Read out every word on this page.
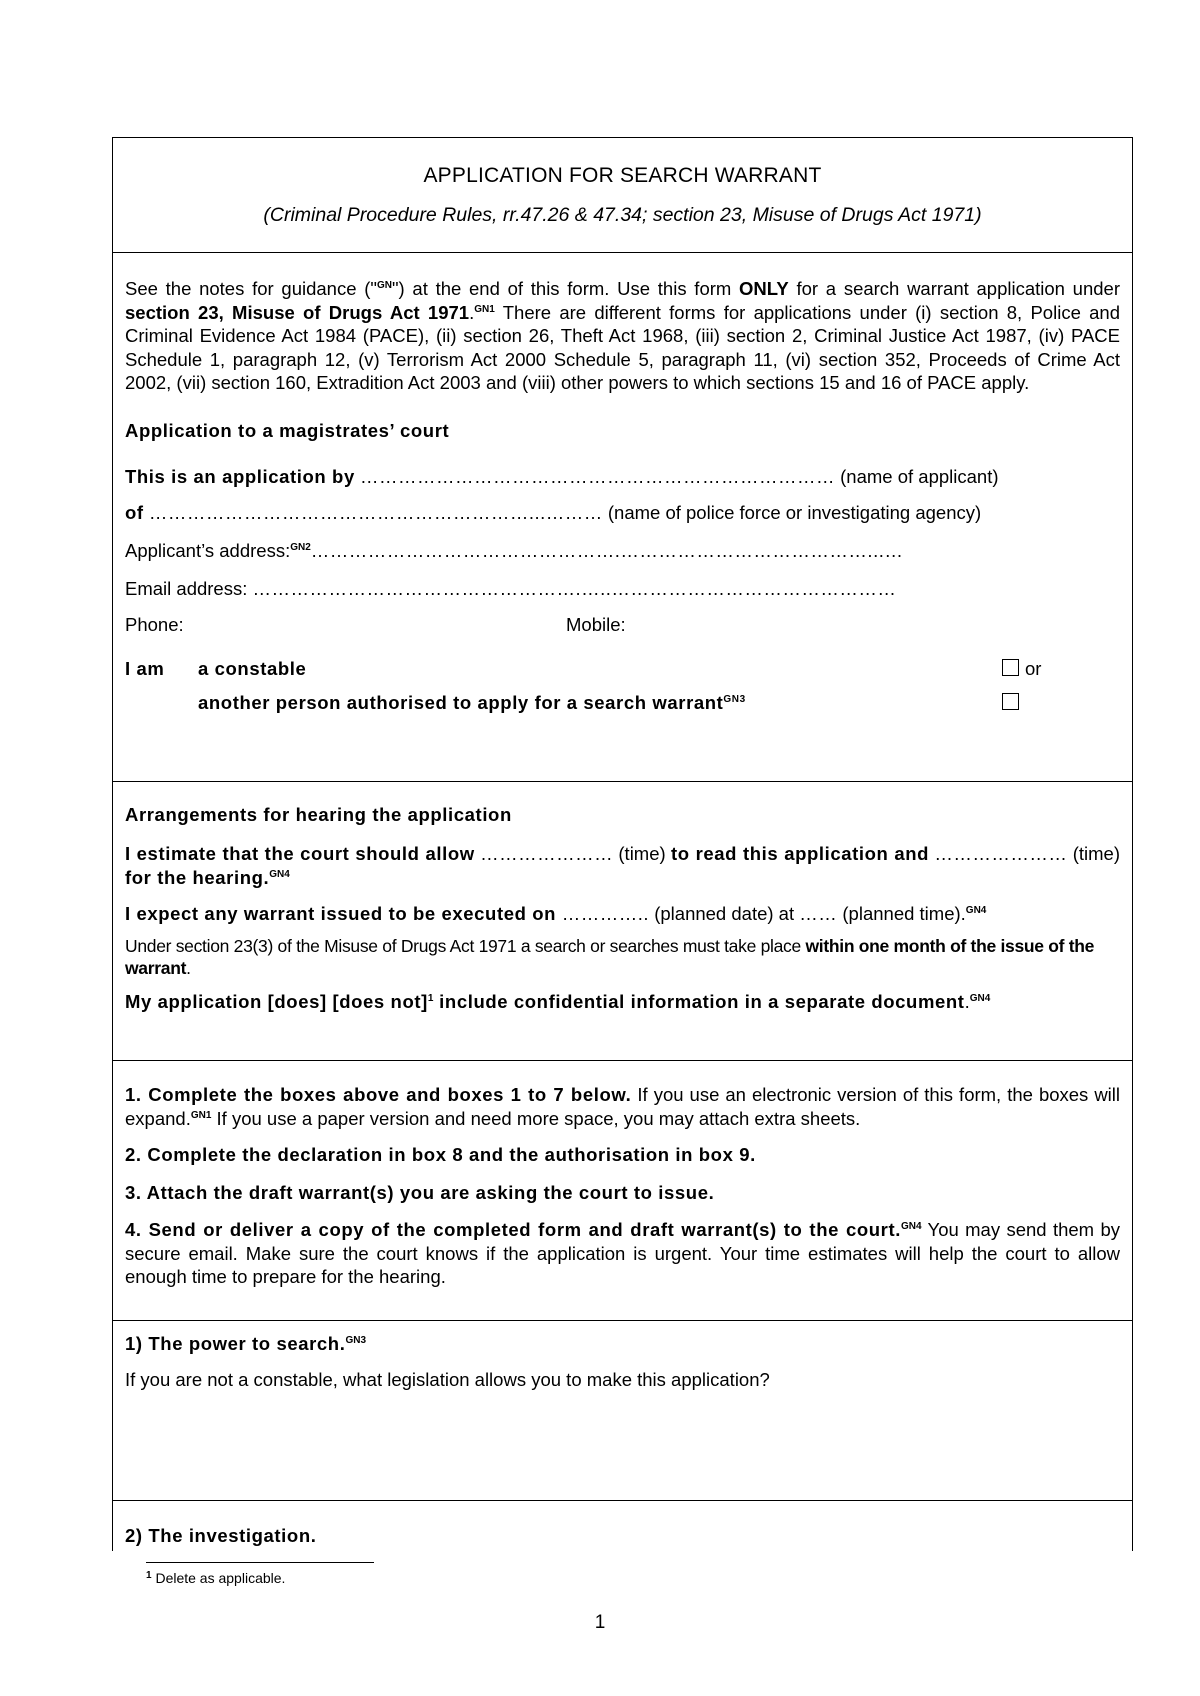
APPLICATION FOR SEARCH WARRANT

(Criminal Procedure Rules, rr.47.26 & 47.34; section 23, Misuse of Drugs Act 1971)

See the notes for guidance ("$^{GN}$") at the end of this form. Use this form ONLY for a search warrant application under section 23, Misuse of Drugs Act 1971.$^{GN1}$ There are different forms for applications under (i) section 8, Police and Criminal Evidence Act 1984 (PACE), (ii) section 26, Theft Act 1968, (iii) section 2, Criminal Justice Act 1987, (iv) PACE Schedule 1, paragraph 12, (v) Terrorism Act 2000 Schedule 5, paragraph 11, (vi) section 352, Proceeds of Crime Act 2002, (vii) section 160, Extradition Act 2003 and (viii) other powers to which sections 15 and 16 of PACE apply.

Application to a magistrates’ court

This is an application by ………………………………………………………………… (name of applicant)

of ……………………………………………………...……… (name of police force or investigating agency)

Applicant’s address:$^{GN2}$………………………………………….…………………………………...…

Email address: …………………………………………….…..………………………………………

Phone:	Mobile:
I am	a constable	or
another person authorised to apply for a search warrant$^{GN3}$

Arrangements for hearing the application

I estimate that the court should allow ………………… (time) to read this application and ………………… (time) for the hearing.$^{GN4}$

I expect any warrant issued to be executed on ………….. (planned date) at …… (planned time).$^{GN4}$

Under section 23(3) of the Misuse of Drugs Act 1971 a search or searches must take place within one month of the issue of the warrant.

My application [does] [does not]$^1$ include confidential information in a separate document.$^{GN4}$

1. Complete the boxes above and boxes 1 to 7 below. If you use an electronic version of this form, the boxes will expand.$^{GN1}$ If you use a paper version and need more space, you may attach extra sheets.

2. Complete the declaration in box 8 and the authorisation in box 9.

3. Attach the draft warrant(s) you are asking the court to issue.

4. Send or deliver a copy of the completed form and draft warrant(s) to the court.$^{GN4}$ You may send them by secure email. Make sure the court knows if the application is urgent. Your time estimates will help the court to allow enough time to prepare for the hearing.

1) The power to search.$^{GN3}$

If you are not a constable, what legislation allows you to make this application?

2) The investigation.

$^1$ Delete as applicable.

1
